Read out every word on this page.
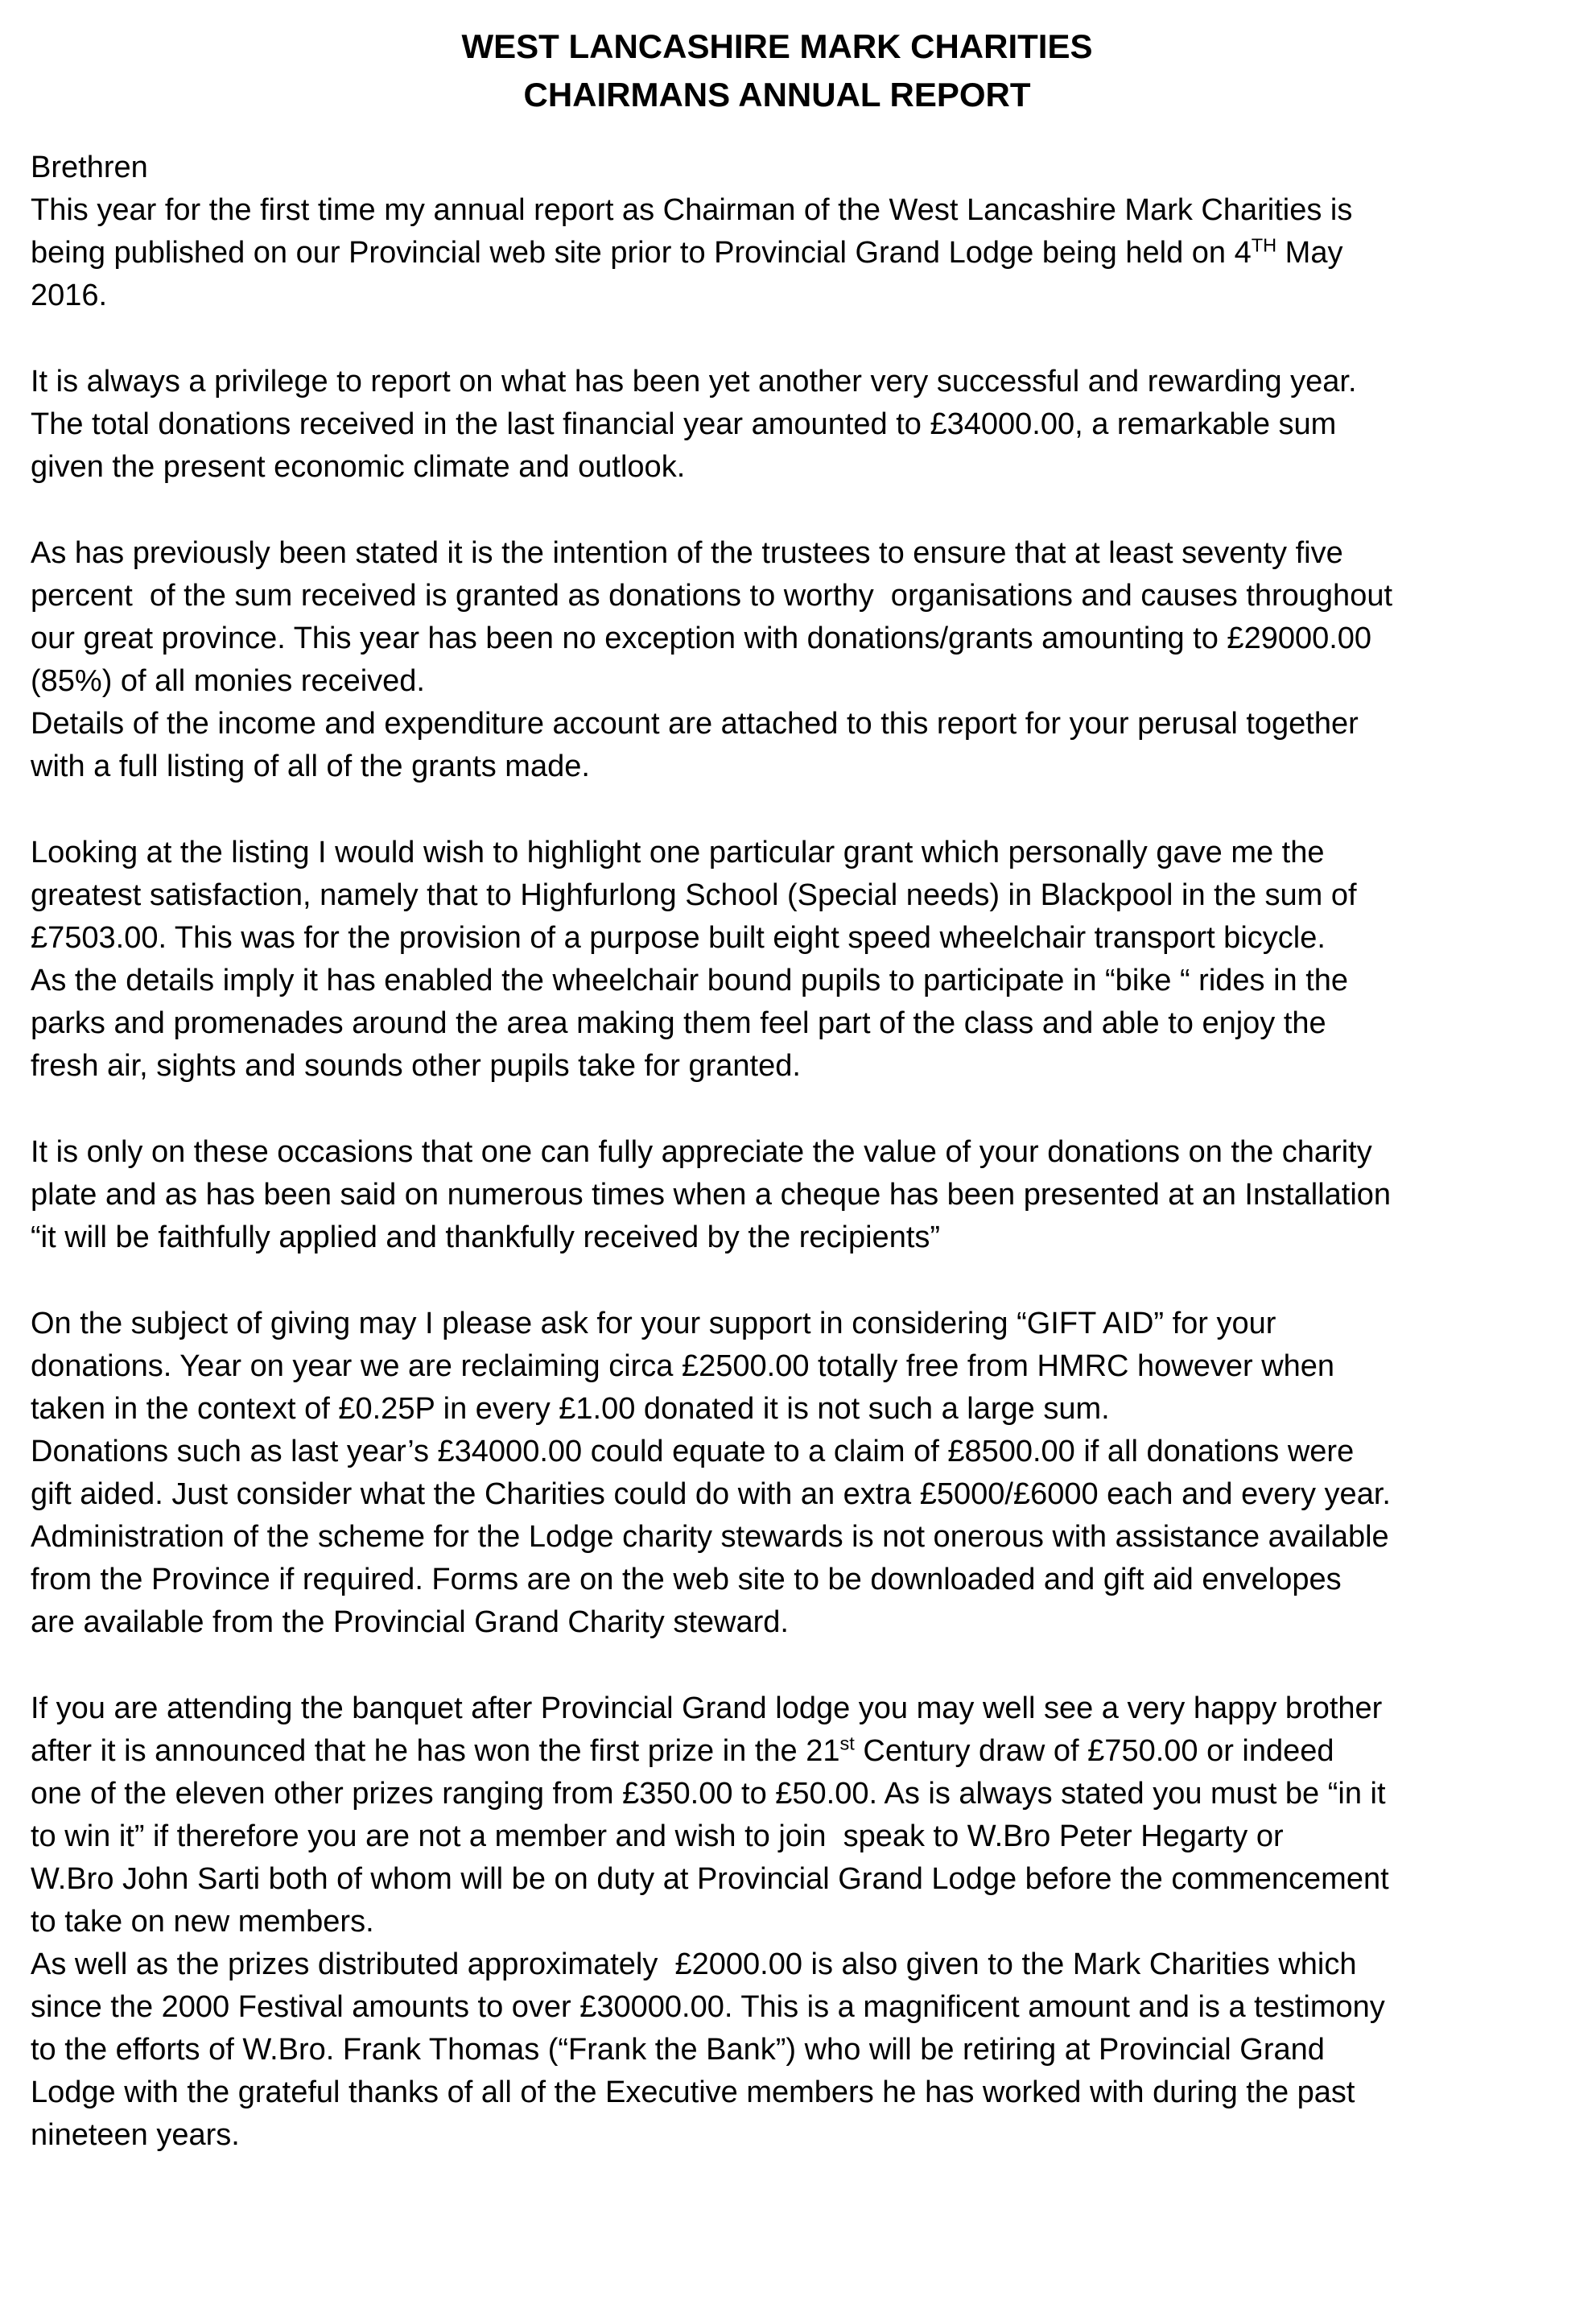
WEST LANCASHIRE MARK CHARITIES
CHAIRMANS ANNUAL REPORT
Brethren
This year for the first time my annual report as Chairman of the West Lancashire Mark Charities is
being published on our Provincial web site prior to Provincial Grand Lodge being held on 4TH May
2016.
It is always a privilege to report on what has been yet another very successful and rewarding year.
The total donations received in the last financial year amounted to £34000.00, a remarkable sum
given the present economic climate and outlook.
As has previously been stated it is the intention of the trustees to ensure that at least seventy five
percent  of the sum received is granted as donations to worthy  organisations and causes throughout
our great province. This year has been no exception with donations/grants amounting to £29000.00
(85%) of all monies received.
Details of the income and expenditure account are attached to this report for your perusal together
with a full listing of all of the grants made.
Looking at the listing I would wish to highlight one particular grant which personally gave me the
greatest satisfaction, namely that to Highfurlong School (Special needs) in Blackpool in the sum of
£7503.00. This was for the provision of a purpose built eight speed wheelchair transport bicycle.
As the details imply it has enabled the wheelchair bound pupils to participate in “bike “ rides in the
parks and promenades around the area making them feel part of the class and able to enjoy the
fresh air, sights and sounds other pupils take for granted.
It is only on these occasions that one can fully appreciate the value of your donations on the charity
plate and as has been said on numerous times when a cheque has been presented at an Installation
“it will be faithfully applied and thankfully received by the recipients”
On the subject of giving may I please ask for your support in considering “GIFT AID” for your
donations. Year on year we are reclaiming circa £2500.00 totally free from HMRC however when
taken in the context of £0.25P in every £1.00 donated it is not such a large sum.
Donations such as last year’s £34000.00 could equate to a claim of £8500.00 if all donations were
gift aided. Just consider what the Charities could do with an extra £5000/£6000 each and every year.
Administration of the scheme for the Lodge charity stewards is not onerous with assistance available
from the Province if required. Forms are on the web site to be downloaded and gift aid envelopes
are available from the Provincial Grand Charity steward.
If you are attending the banquet after Provincial Grand lodge you may well see a very happy brother
after it is announced that he has won the first prize in the 21st Century draw of £750.00 or indeed
one of the eleven other prizes ranging from £350.00 to £50.00. As is always stated you must be “in it
to win it” if therefore you are not a member and wish to join  speak to W.Bro Peter Hegarty or
W.Bro John Sarti both of whom will be on duty at Provincial Grand Lodge before the commencement
to take on new members.
As well as the prizes distributed approximately  £2000.00 is also given to the Mark Charities which
since the 2000 Festival amounts to over £30000.00. This is a magnificent amount and is a testimony
to the efforts of W.Bro. Frank Thomas (“Frank the Bank”) who will be retiring at Provincial Grand
Lodge with the grateful thanks of all of the Executive members he has worked with during the past
nineteen years.
